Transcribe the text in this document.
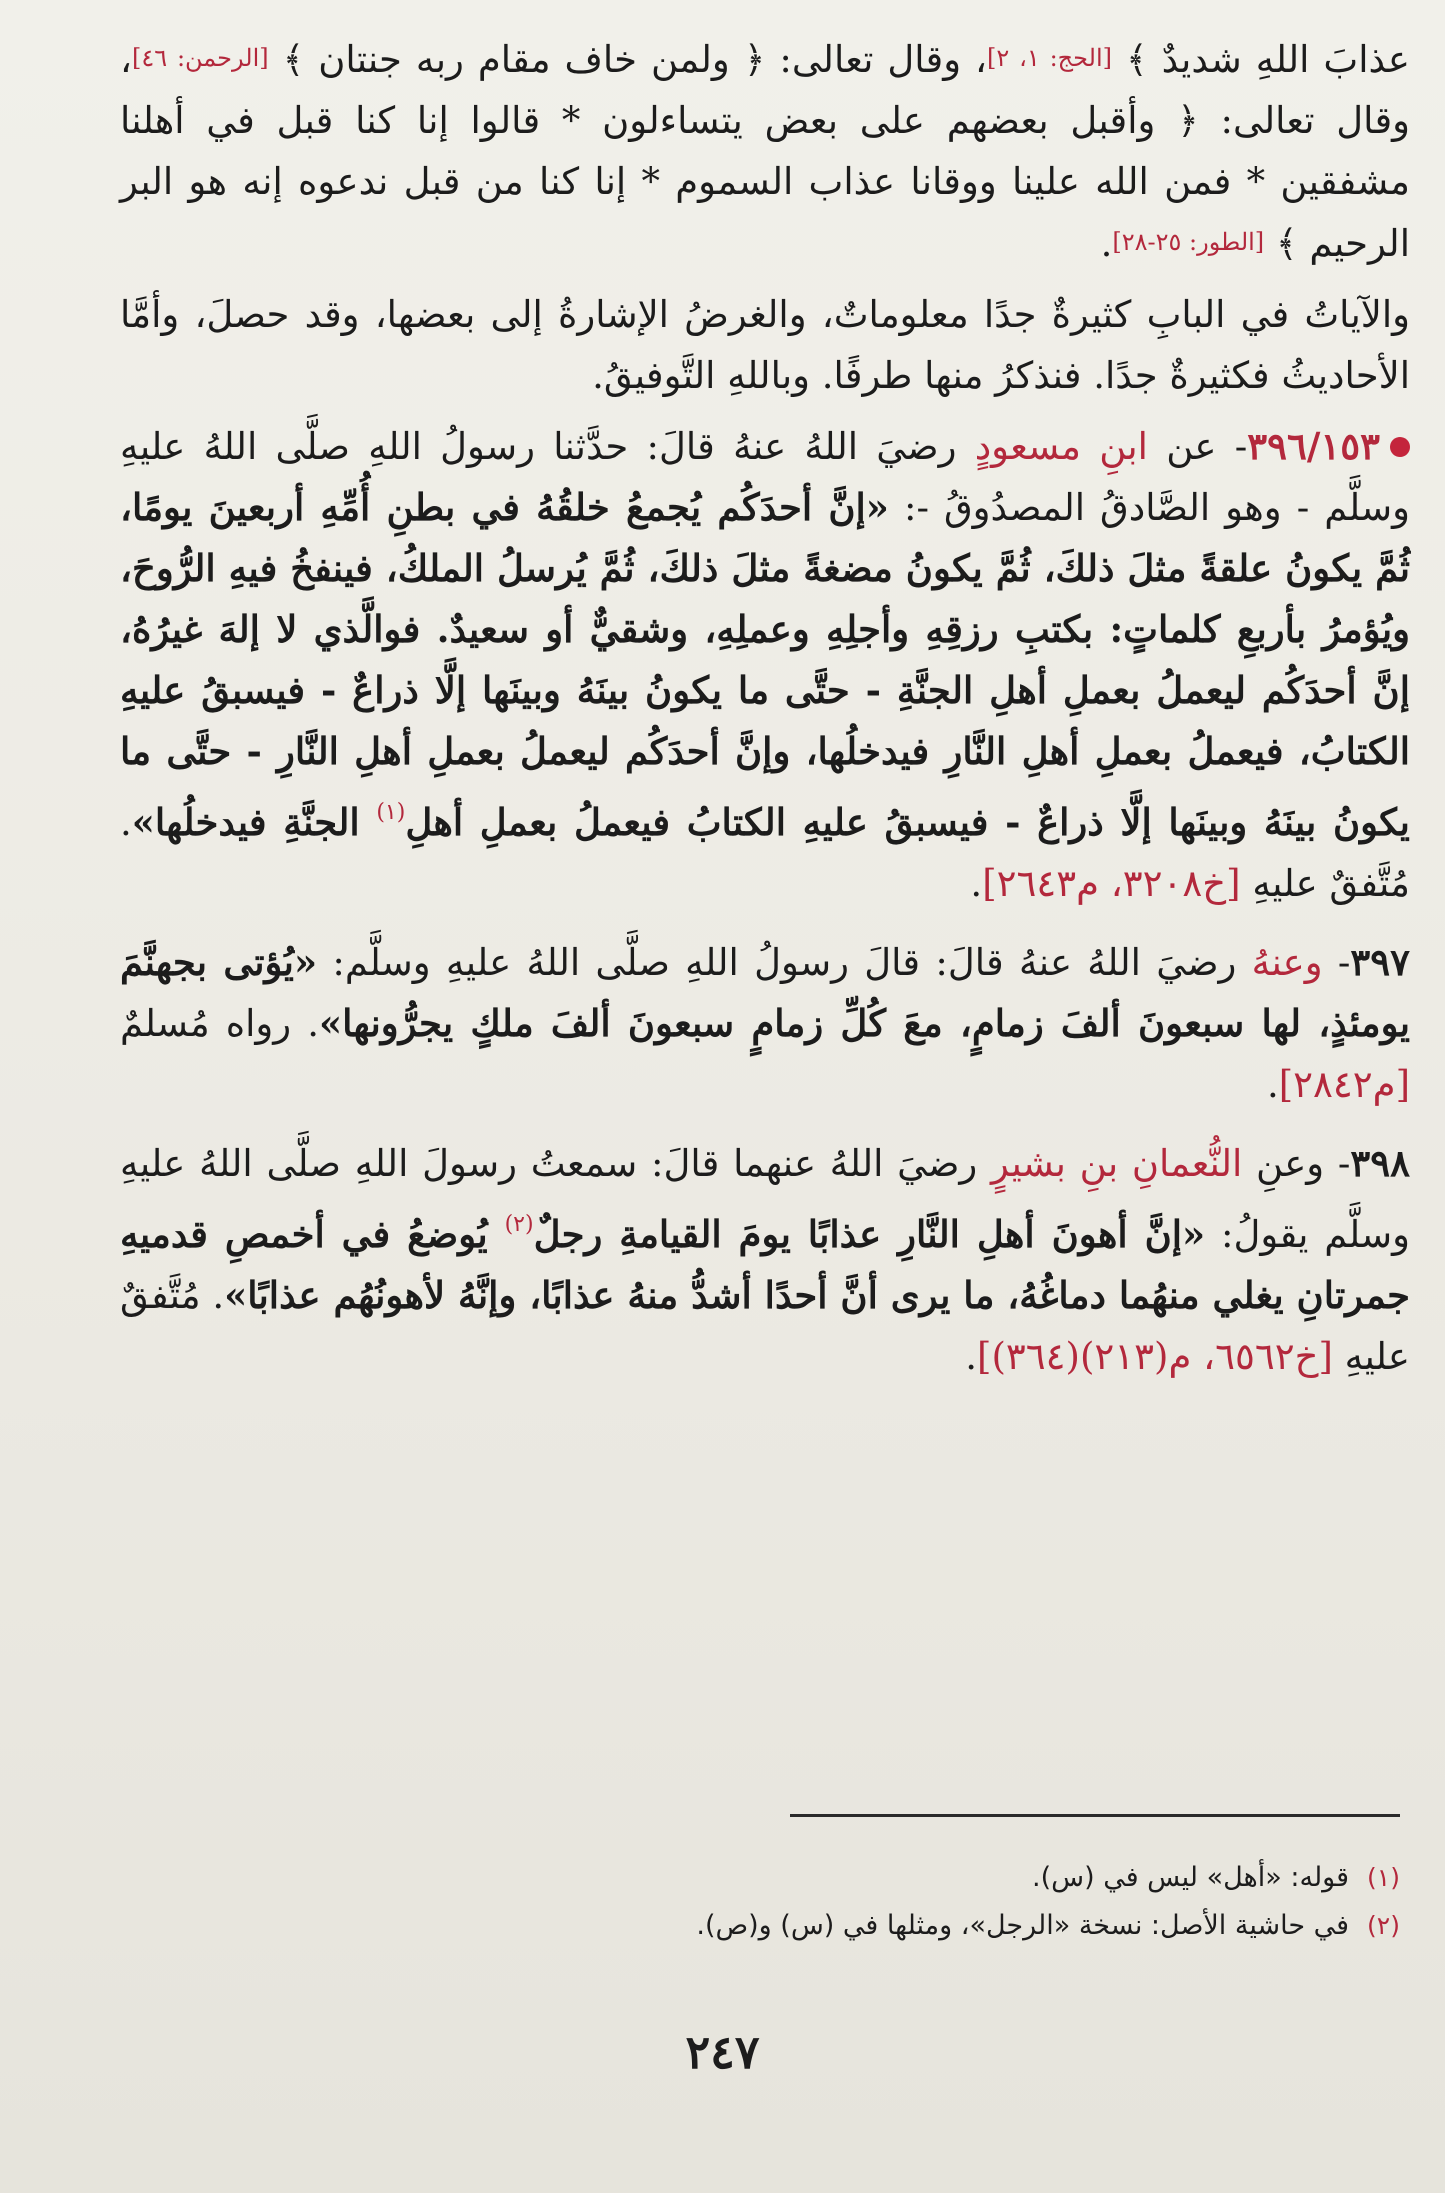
عذابَ اللهِ شديدٌ ﴾ [الحج: ١، ٢]، وقال تعالى: ﴿ ولمن خاف مقام ربه جنتان ﴾ [الرحمن: ٤٦]، وقال تعالى: ﴿ وأقبل بعضهم على بعض يتساءلون * قالوا إنا كنا قبل في أهلنا مشفقين * فمن الله علينا ووقانا عذاب السموم * إنا كنا من قبل ندعوه إنه هو البر الرحيم ﴾ [الطور: ٢٥-٢٨].

والآياتُ في البابِ كثيرةٌ جدًا معلوماتٌ، والغرضُ الإشارةُ إلى بعضها، وقد حصلَ، وأمَّا الأحاديثُ فكثيرةٌ جدًا. فنذكرُ منها طرفًا. وباللهِ التَّوفيقُ.

٣٩٦/١٥٣- عن ابنِ مسعودٍ رضيَ اللهُ عنهُ قالَ: حدَّثنا رسولُ اللهِ صلَّى اللهُ عليهِ وسلَّم - وهو الصَّادقُ المصدُوقُ -: «إنَّ أحدَكُم يُجمعُ خلقُهُ في بطنِ أُمِّهِ أربعينَ يومًا، ثُمَّ يكونُ علقةً مثلَ ذلكَ، ثُمَّ يكونُ مضغةً مثلَ ذلكَ، ثُمَّ يُرسلُ الملكُ، فينفخُ فيهِ الرُّوحَ، ويُؤمرُ بأربعِ كلماتٍ: بكتبِ رزقِهِ وأجلِهِ وعملِهِ، وشقيٌّ أو سعيدٌ. فوالَّذي لا إلهَ غيرُهُ، إنَّ أحدَكُم ليعملُ بعملِ أهلِ الجنَّةِ - حتَّى ما يكونُ بينَهُ وبينَها إلَّا ذراعٌ - فيسبقُ عليهِ الكتابُ، فيعملُ بعملِ أهلِ النَّارِ فيدخلُها، وإنَّ أحدَكُم ليعملُ بعملِ أهلِ النَّارِ - حتَّى ما يكونُ بينَهُ وبينَها إلَّا ذراعٌ - فيسبقُ عليهِ الكتابُ فيعملُ بعملِ أهلِ$^{(١)}$ الجنَّةِ فيدخلُها». مُتَّفقٌ عليهِ [خ٣٢٠٨، م٢٦٤٣].

٣٩٧- وعنهُ رضيَ اللهُ عنهُ قالَ: قالَ رسولُ اللهِ صلَّى اللهُ عليهِ وسلَّم: «يُؤتى بجهنَّمَ يومئذٍ، لها سبعونَ ألفَ زمامٍ، معَ كُلِّ زمامٍ سبعونَ ألفَ ملكٍ يجرُّونها». رواه مُسلمٌ [م٢٨٤٢].

٣٩٨- وعنِ النُّعمانِ بنِ بشيرٍ رضيَ اللهُ عنهما قالَ: سمعتُ رسولَ اللهِ صلَّى اللهُ عليهِ وسلَّم يقولُ: «إنَّ أهونَ أهلِ النَّارِ عذابًا يومَ القيامةِ رجلٌ$^{(٢)}$ يُوضعُ في أخمصِ قدميهِ جمرتانِ يغلي منهُما دماغُهُ، ما يرى أنَّ أحدًا أشدُّ منهُ عذابًا، وإنَّهُ لأهونُهُم عذابًا». مُتَّفقٌ عليهِ [خ٦٥٦٢، م(٢١٣)(٣٦٤)].

(١)
قوله: «أهل» ليس في (س).
(٢)
في حاشية الأصل: نسخة «الرجل»، ومثلها في (س) و(ص).
٢٤٧
